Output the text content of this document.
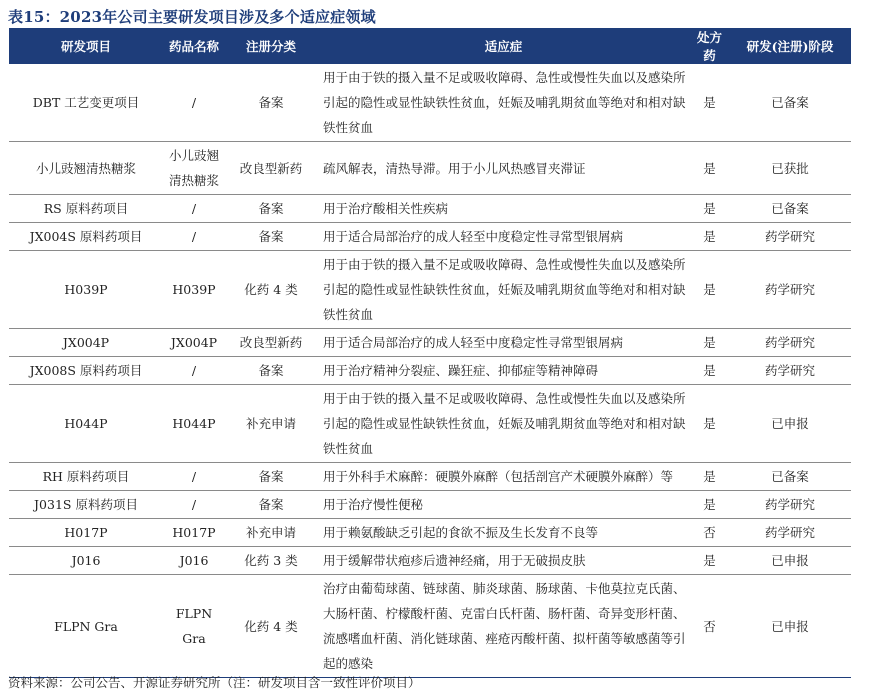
表15：2023年公司主要研发项目涉及多个适应症领域
研发项目	药品名称	注册分类	适应症	处方药	研发(注册)阶段
DBT 工艺变更项目	/	备案	用于由于铁的摄入量不足或吸收障碍、急性或慢性失血以及感染所引起的隐性或显性缺铁性贫血，妊娠及哺乳期贫血等绝对和相对缺铁性贫血	是	已备案
小儿豉翘清热糖浆	小儿豉翘清热糖浆	改良型新药	疏风解表，清热导滞。用于小儿风热感冒夹滞证	是	已获批
RS 原料药项目	/	备案	用于治疗酸相关性疾病	是	已备案
JX004S 原料药项目	/	备案	用于适合局部治疗的成人轻至中度稳定性寻常型银屑病	是	药学研究
H039P	H039P	化药 4 类	用于由于铁的摄入量不足或吸收障碍、急性或慢性失血以及感染所引起的隐性或显性缺铁性贫血，妊娠及哺乳期贫血等绝对和相对缺铁性贫血	是	药学研究
JX004P	JX004P	改良型新药	用于适合局部治疗的成人轻至中度稳定性寻常型银屑病	是	药学研究
JX008S 原料药项目	/	备案	用于治疗精神分裂症、躁狂症、抑郁症等精神障碍	是	药学研究
H044P	H044P	补充申请	用于由于铁的摄入量不足或吸收障碍、急性或慢性失血以及感染所引起的隐性或显性缺铁性贫血，妊娠及哺乳期贫血等绝对和相对缺铁性贫血	是	已申报
RH 原料药项目	/	备案	用于外科手术麻醉：硬膜外麻醉（包括剖宫产术硬膜外麻醉）等	是	已备案
J031S 原料药项目	/	备案	用于治疗慢性便秘	是	药学研究
H017P	H017P	补充申请	用于赖氨酸缺乏引起的食欲不振及生长发育不良等	否	药学研究
J016	J016	化药 3 类	用于缓解带状疱疹后遗神经痛，用于无破损皮肤	是	已申报
FLPN Gra	FLPN Gra	化药 4 类	治疗由葡萄球菌、链球菌、肺炎球菌、肠球菌、卡他莫拉克氏菌、大肠杆菌、柠檬酸杆菌、克雷白氏杆菌、肠杆菌、奇异变形杆菌、流感嗜血杆菌、消化链球菌、痤疮丙酸杆菌、拟杆菌等敏感菌等引起的感染	否	已申报
资料来源：公司公告、开源证券研究所（注：研发项目含一致性评价项目）
